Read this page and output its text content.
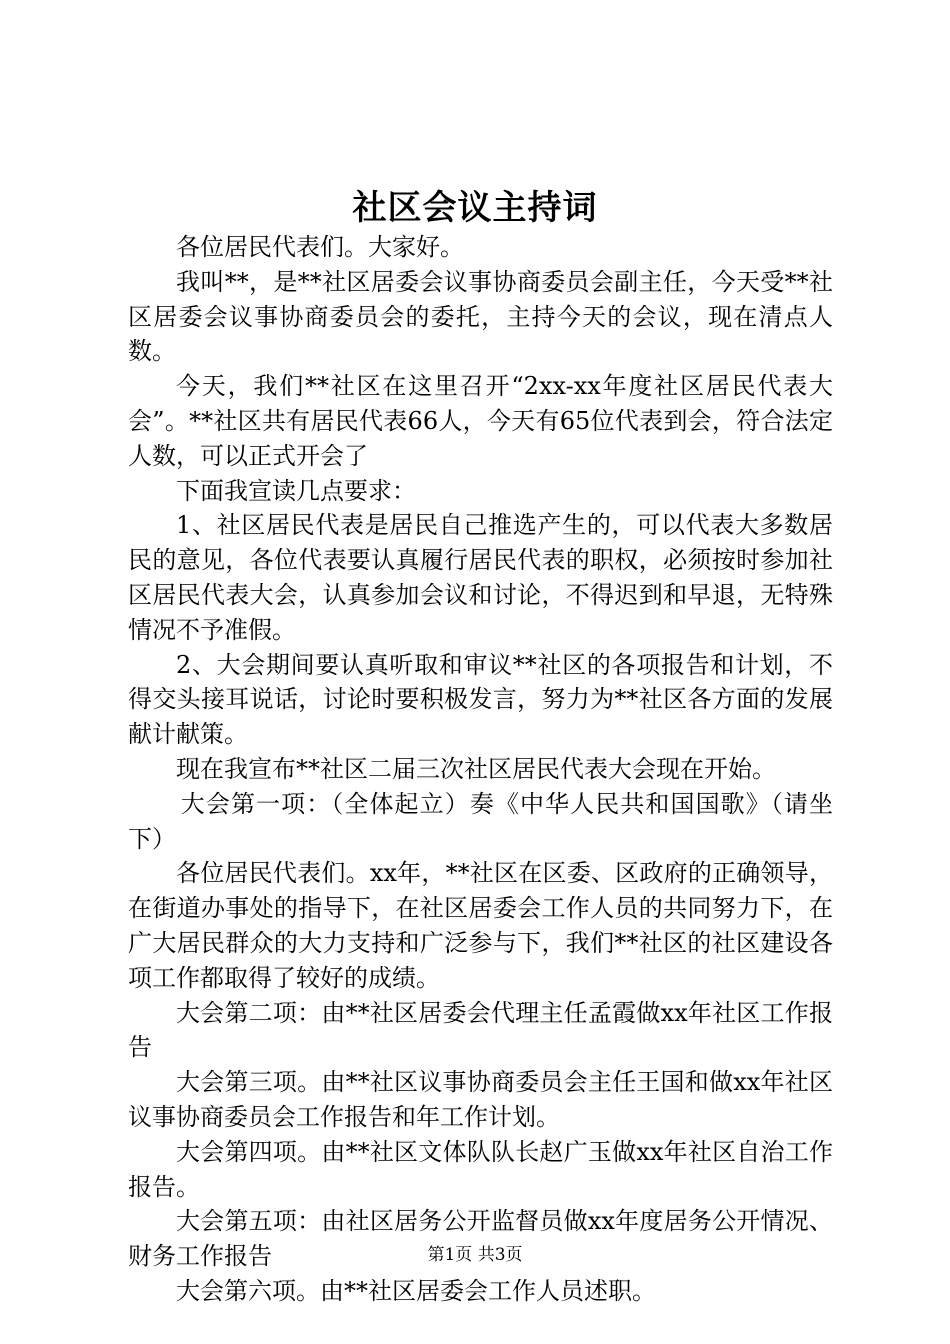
社区会议主持词

各位居民代表们。大家好。

我叫**，是**社区居委会议事协商委员会副主任，今天受**社区居委会议事协商委员会的委托，主持今天的会议，现在清点人数。

今天，我们**社区在这里召开“2xx-xx年度社区居民代表大会”。**社区共有居民代表66人，今天有65位代表到会，符合法定人数，可以正式开会了

下面我宣读几点要求：

1、社区居民代表是居民自己推选产生的，可以代表大多数居民的意见，各位代表要认真履行居民代表的职权，必须按时参加社区居民代表大会，认真参加会议和讨论，不得迟到和早退，无特殊情况不予准假。

2、大会期间要认真听取和审议**社区的各项报告和计划，不得交头接耳说话，讨论时要积极发言，努力为**社区各方面的发展献计献策。

现在我宣布**社区二届三次社区居民代表大会现在开始。

大会第一项：（全体起立）奏《中华人民共和国国歌》（请坐下）

各位居民代表们。xx年，**社区在区委、区政府的正确领导，在街道办事处的指导下，在社区居委会工作人员的共同努力下，在广大居民群众的大力支持和广泛参与下，我们**社区的社区建设各项工作都取得了较好的成绩。

大会第二项：由**社区居委会代理主任孟霞做xx年社区工作报告

大会第三项。由**社区议事协商委员会主任王国和做xx年社区议事协商委员会工作报告和年工作计划。

大会第四项。由**社区文体队队长赵广玉做xx年社区自治工作报告。

大会第五项：由社区居务公开监督员做xx年度居务公开情况、财务工作报告

大会第六项。由**社区居委会工作人员述职。

第1页 共3页
